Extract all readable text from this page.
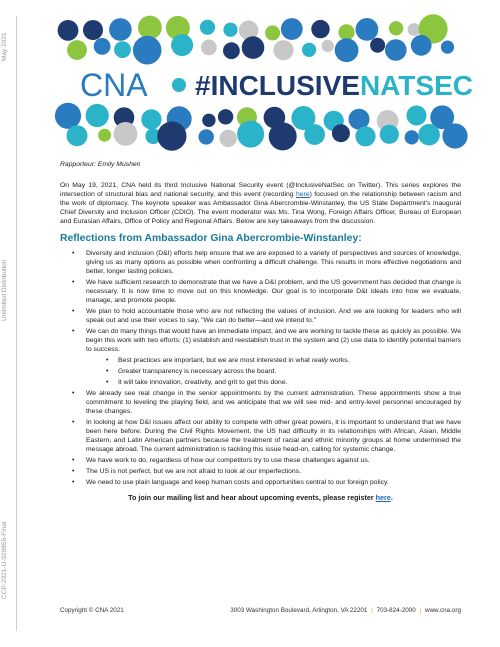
May 2021
Unlimited Distribution
CCP-2021-U-029855-Final
CNA #INCLUSIVENATSEC

Rapporteur: Emily Mushen

On May 19, 2021, CNA held its third Inclusive National Security event (@InclusiveNatSec on Twitter). This series explores the intersection of structural bias and national security, and this event (recording here) focused on the relationship between racism and the work of diplomacy. The keynote speaker was Ambassador Gina Abercrombie-Winstanley, the US State Department's inaugural Chief Diversity and Inclusion Officer (CDIO). The event moderator was Ms. Tina Wong, Foreign Affairs Officer, Bureau of European and Eurasian Affairs, Office of Policy and Regional Affairs. Below are key takeaways from the discussion.

Reflections from Ambassador Gina Abercrombie-Winstanley:
• Diversity and inclusion (D&I) efforts help ensure that we are exposed to a variety of perspectives and sources of knowledge, giving us as many options as possible when confronting a difficult challenge. This results in more effective negotiations and better, longer lasting policies.
• We have sufficient research to demonstrate that we have a D&I problem, and the US government has decided that change is necessary. It is now time to move out on this knowledge. Our goal is to incorporate D&I ideals into how we evaluate, manage, and promote people.
• We plan to hold accountable those who are not reflecting the values of inclusion. And we are looking for leaders who will speak out and use their voices to say, "We can do better—and we intend to."
• We can do many things that would have an immediate impact, and we are working to tackle these as quickly as possible. We begin this work with two efforts: (1) establish and reestablish trust in the system and (2) use data to identify potential barriers to success.
• Best practices are important, but we are most interested in what really works.
• Greater transparency is necessary across the board.
• It will take innovation, creativity, and grit to get this done.
• We already see real change in the senior appointments by the current administration. These appointments show a true commitment to leveling the playing field, and we anticipate that we will see mid- and entry-level personnel encouraged by these changes.
• In looking at how D&I issues affect our ability to compete with other great powers, it is important to understand that we have been here before. During the Civil Rights Movement, the US had difficulty in its relationships with African, Asian, Middle Eastern, and Latin American partners because the treatment of racial and ethnic minority groups at home undermined the message abroad. The current administration is tackling this issue head-on, calling for systemic change.
• We have work to do, regardless of how our competitors try to use these challenges against us.
• The US is not perfect, but we are not afraid to look at our imperfections.
• We need to use plain language and keep human costs and opportunities central to our foreign policy.
To join our mailing list and hear about upcoming events, please register here.
Copyright © CNA 2021	3003 Washington Boulevard, Arlington, VA 22201 | 703-824-2000 | www.cna.org
